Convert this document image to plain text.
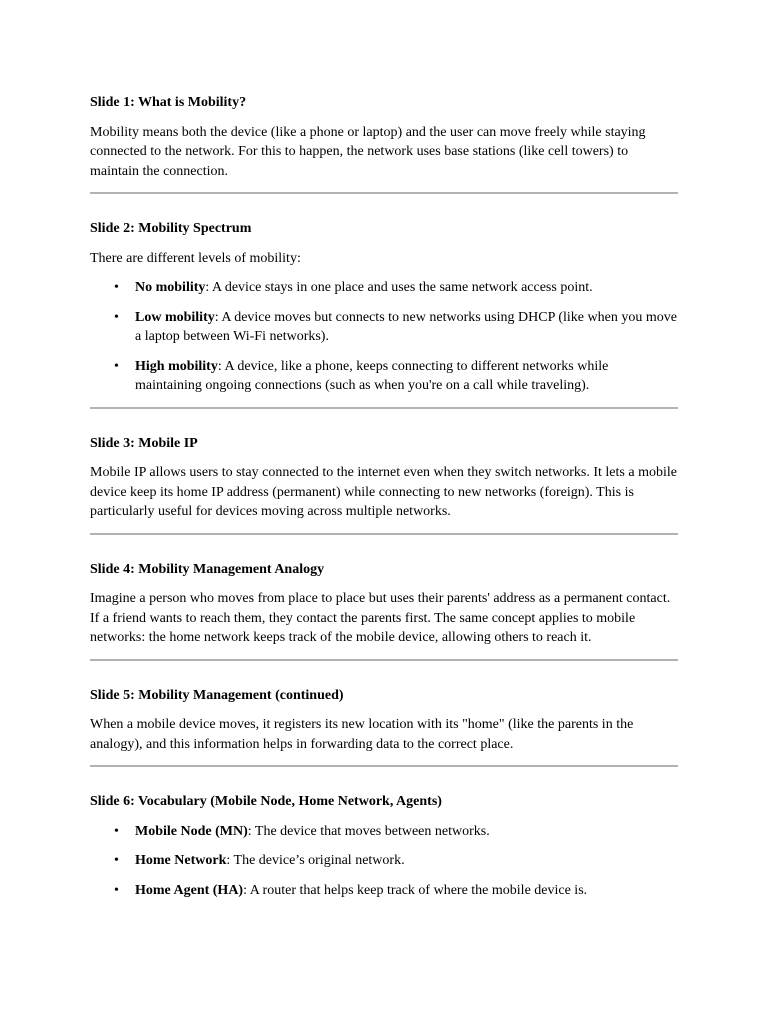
Slide 1: What is Mobility?

Mobility means both the device (like a phone or laptop) and the user can move freely while staying connected to the network. For this to happen, the network uses base stations (like cell towers) to maintain the connection.

Slide 2: Mobility Spectrum

There are different levels of mobility:

• No mobility: A device stays in one place and uses the same network access point.
• Low mobility: A device moves but connects to new networks using DHCP (like when you move a laptop between Wi-Fi networks).
• High mobility: A device, like a phone, keeps connecting to different networks while maintaining ongoing connections (such as when you're on a call while traveling).

Slide 3: Mobile IP

Mobile IP allows users to stay connected to the internet even when they switch networks. It lets a mobile device keep its home IP address (permanent) while connecting to new networks (foreign). This is particularly useful for devices moving across multiple networks.

Slide 4: Mobility Management Analogy

Imagine a person who moves from place to place but uses their parents' address as a permanent contact. If a friend wants to reach them, they contact the parents first. The same concept applies to mobile networks: the home network keeps track of the mobile device, allowing others to reach it.

Slide 5: Mobility Management (continued)

When a mobile device moves, it registers its new location with its "home" (like the parents in the analogy), and this information helps in forwarding data to the correct place.

Slide 6: Vocabulary (Mobile Node, Home Network, Agents)

• Mobile Node (MN): The device that moves between networks.
• Home Network: The device’s original network.
• Home Agent (HA): A router that helps keep track of where the mobile device is.
